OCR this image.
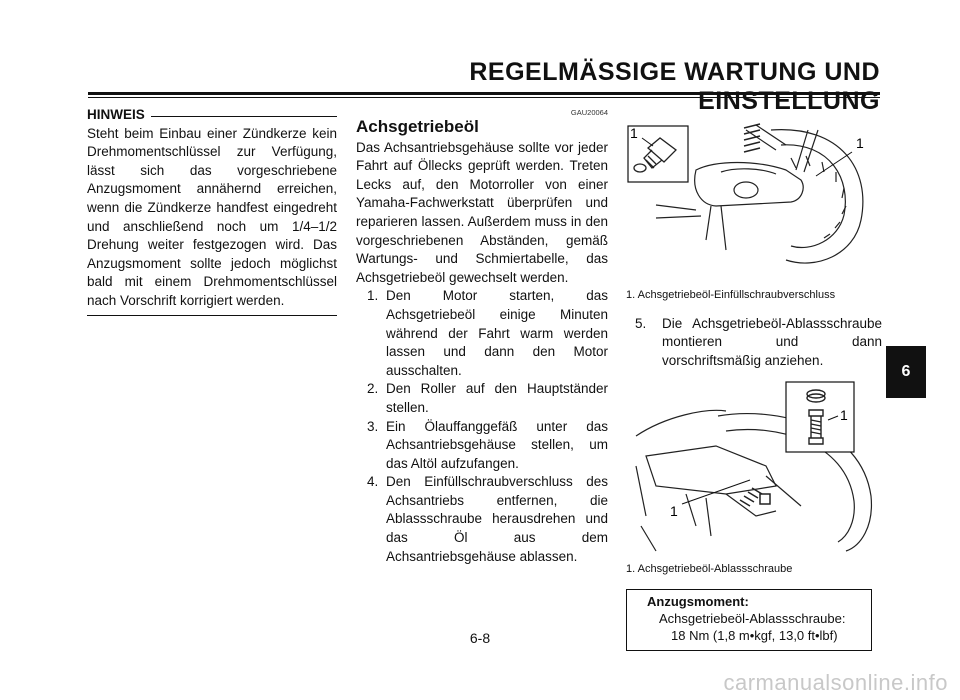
REGELMÄSSIGE WARTUNG UND EINSTELLUNG
HINWEIS
Steht beim Einbau einer Zündkerze kein Drehmomentschlüssel zur Verfügung, lässt sich das vorgeschriebene Anzugsmoment annähernd erreichen, wenn die Zündkerze handfest eingedreht und anschließend noch um 1/4–1/2 Drehung weiter festgezogen wird. Das Anzugsmoment sollte jedoch möglichst bald mit einem Drehmomentschlüssel nach Vorschrift korrigiert werden.
GAU20064
Achsgetriebeöl
Das Achsantriebsgehäuse sollte vor jeder Fahrt auf Öllecks geprüft werden. Treten Lecks auf, den Motorroller von einer Yamaha-Fachwerkstatt überprüfen und reparieren lassen. Außerdem muss in den vorgeschriebenen Abständen, gemäß Wartungs- und Schmiertabelle, das Achsgetriebeöl gewechselt werden.
1. Den Motor starten, das Achsgetriebeöl einige Minuten während der Fahrt warm werden lassen und dann den Motor ausschalten.
2. Den Roller auf den Hauptständer stellen.
3. Ein Ölauffanggefäß unter das Achsantriebsgehäuse stellen, um das Altöl aufzufangen.
4. Den Einfüllschraubverschluss des Achsantriebs entfernen, die Ablassschraube herausdrehen und das Öl aus dem Achsantriebsgehäuse ablassen.
1
1
1. Achsgetriebeöl-Einfüllschraubverschluss
5. Die Achsgetriebeöl-Ablassschraube montieren und dann vorschriftsmäßig anziehen.
1
1
1. Achsgetriebeöl-Ablassschraube
Anzugsmoment:
Achsgetriebeöl-Ablassschraube:
18 Nm (1,8 m•kgf, 13,0 ft•lbf)
6
6-8
carmanualsonline.info
